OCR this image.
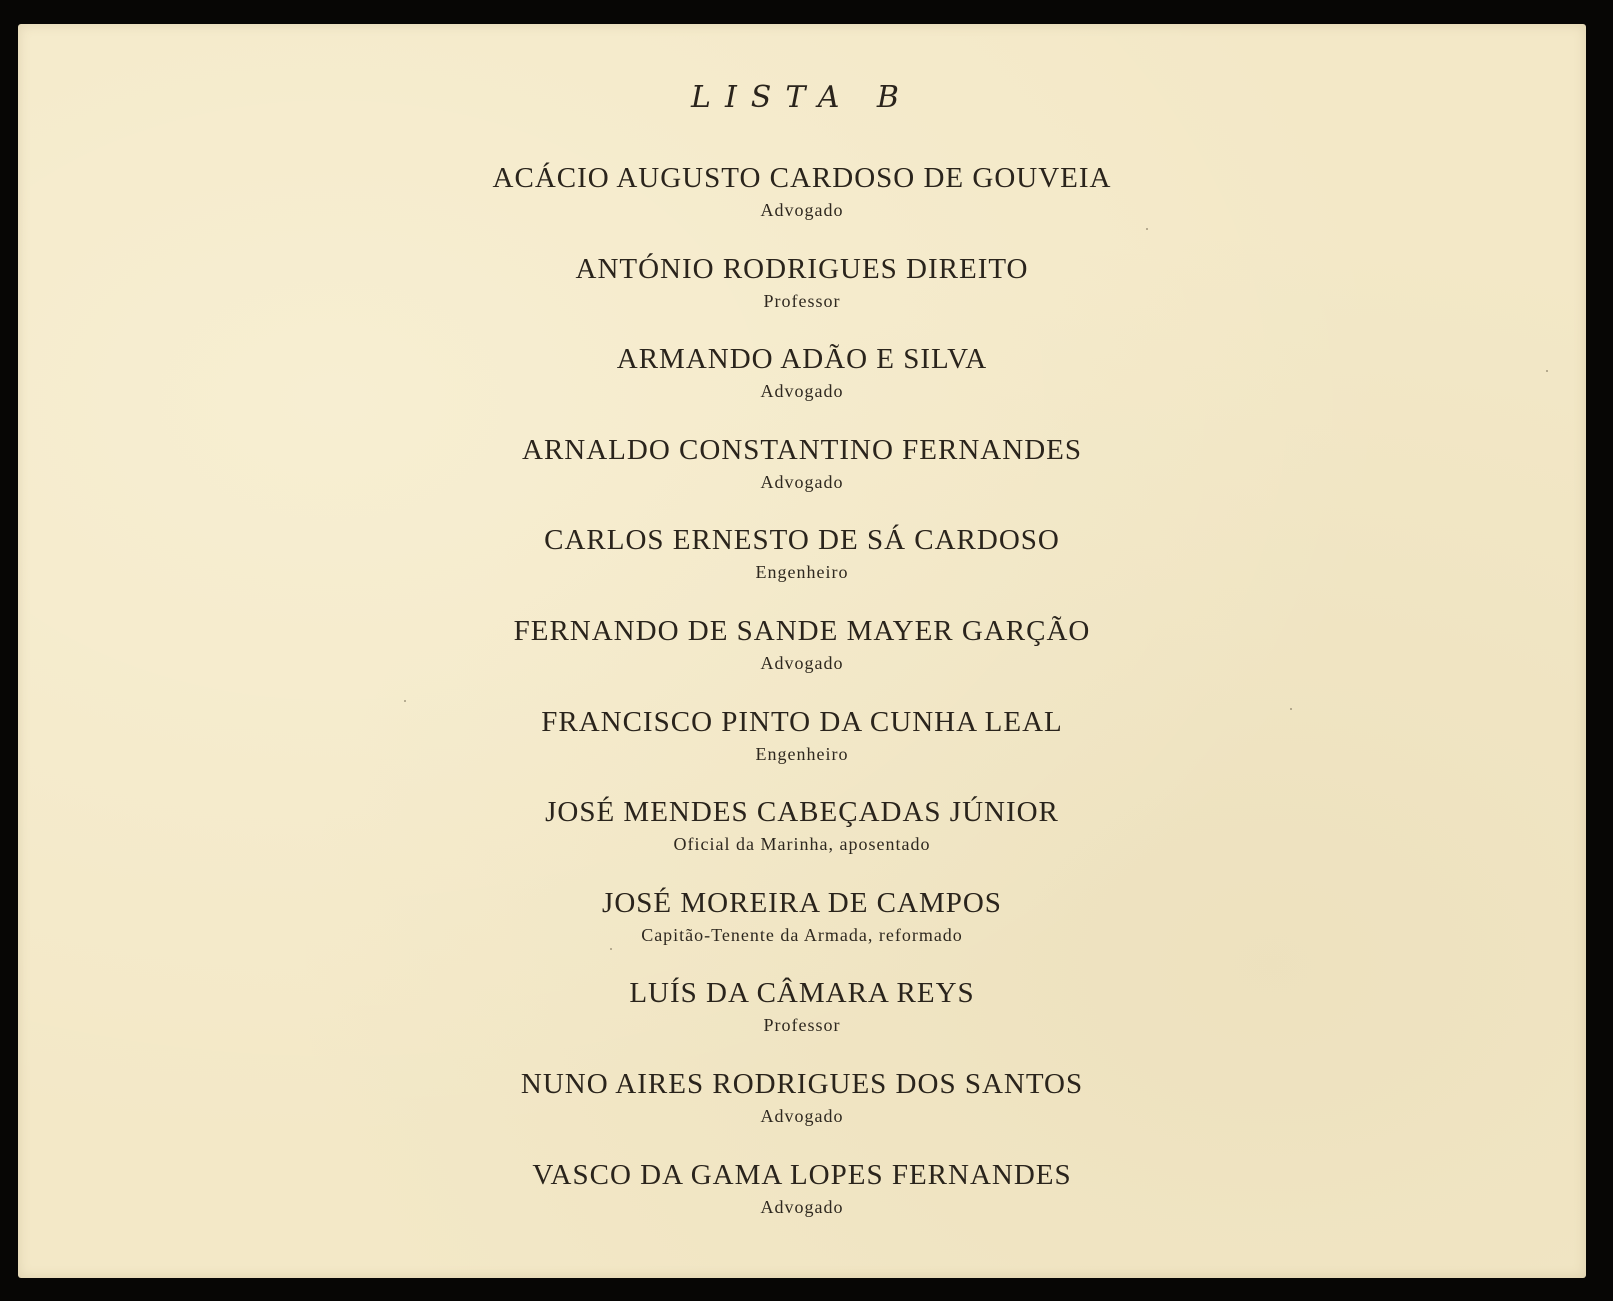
LISTA B
ACÁCIO AUGUSTO CARDOSO DE GOUVEIA
Advogado
ANTÓNIO RODRIGUES DIREITO
Professor
ARMANDO ADÃO E SILVA
Advogado
ARNALDO CONSTANTINO FERNANDES
Advogado
CARLOS ERNESTO DE SÁ CARDOSO
Engenheiro
FERNANDO DE SANDE MAYER GARÇÃO
Advogado
FRANCISCO PINTO DA CUNHA LEAL
Engenheiro
JOSÉ MENDES CABEÇADAS JÚNIOR
Oficial da Marinha, aposentado
JOSÉ MOREIRA DE CAMPOS
Capitão-Tenente da Armada, reformado
LUÍS DA CÂMARA REYS
Professor
NUNO AIRES RODRIGUES DOS SANTOS
Advogado
VASCO DA GAMA LOPES FERNANDES
Advogado
